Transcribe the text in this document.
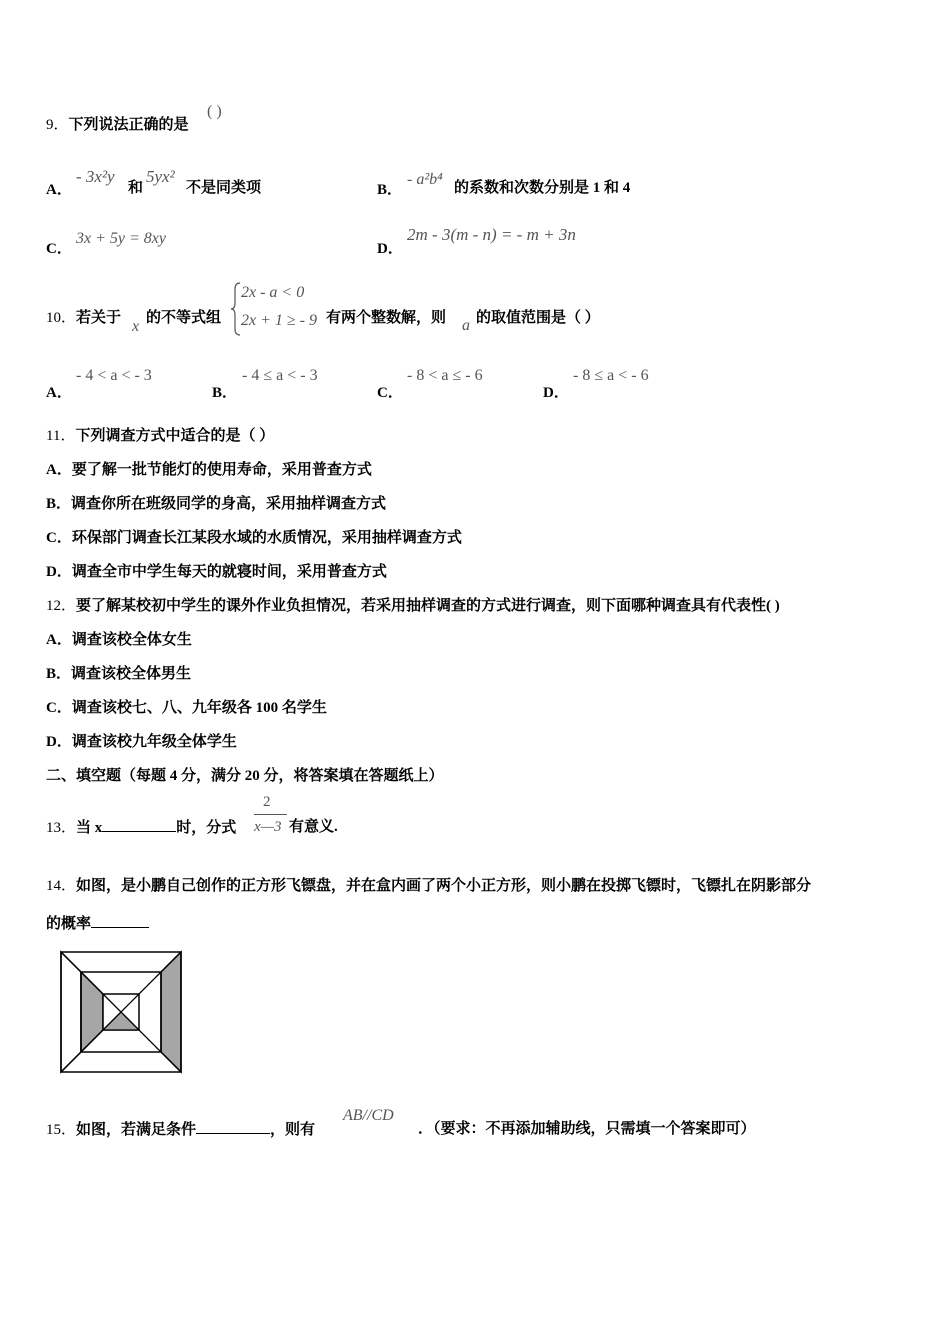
9．下列说法正确的是
( )
A．
- 3x²y
和
5yx²
不是同类项	B．
- a²b⁴ 的系数和次数分别是 1 和 4
C．
3x + 5y = 8xy
D．
2m - 3(m - n) = - m + 3n
10．若关于 x 的不等式组
2x - a < 0
2x + 1 ≥ - 9 有两个整数解，则 a 的取值范围是（ ）
A．
- 4 < a < - 3
B．
- 4 ≤ a < - 3
C．
- 8 < a ≤ - 6
D．
- 8 ≤ a < - 6
11．下列调查方式中适合的是（ ）
A．要了解一批节能灯的使用寿命，采用普查方式
B．调查你所在班级同学的身高，采用抽样调查方式
C．环保部门调查长江某段水域的水质情况，采用抽样调查方式
D．调查全市中学生每天的就寝时间，采用普查方式
12．要了解某校初中学生的课外作业负担情况，若采用抽样调查的方式进行调查，则下面哪种调查具有代表性( )
A．调查该校全体女生
B．调查该校全体男生
C．调查该校七、八、九年级各 100 名学生
D．调查该校九年级全体学生
二、填空题（每题 4 分，满分 20 分，将答案填在答题纸上）
13．当 x	时，分式
2
x—3 有意义.
14．如图，是小鹏自己创作的正方形飞镖盘，并在盒内画了两个小正方形，则小鹏在投掷飞镖时，飞镖扎在阴影部分
的概率
15．如图，若满足条件	，则有
AB//CD
．（要求：不再添加辅助线，只需填一个答案即可）
